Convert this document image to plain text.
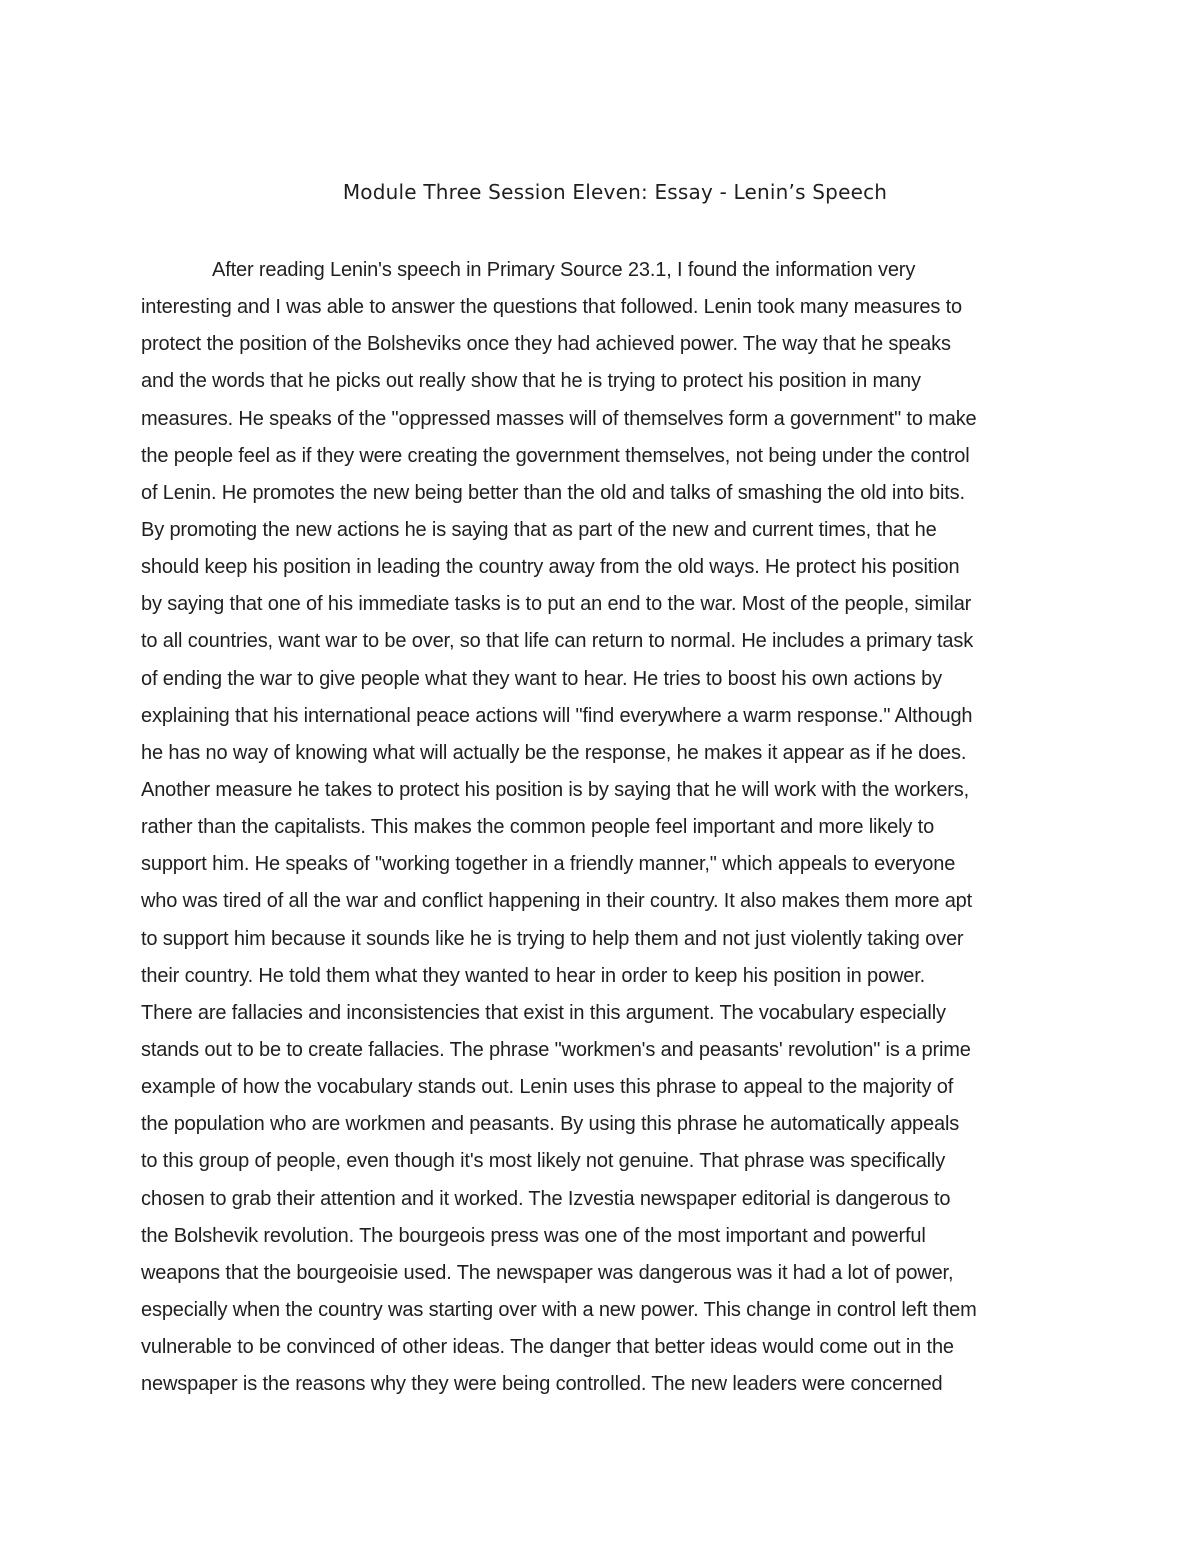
Module Three Session Eleven: Essay - Lenin’s Speech
After reading Lenin's speech in Primary Source 23.1, I found the information very
interesting and I was able to answer the questions that followed. Lenin took many measures to
protect the position of the Bolsheviks once they had achieved power. The way that he speaks
and the words that he picks out really show that he is trying to protect his position in many
measures. He speaks of the "oppressed masses will of themselves form a government" to make
the people feel as if they were creating the government themselves, not being under the control
of Lenin. He promotes the new being better than the old and talks of smashing the old into bits.
By promoting the new actions he is saying that as part of the new and current times, that he
should keep his position in leading the country away from the old ways. He protect his position
by saying that one of his immediate tasks is to put an end to the war. Most of the people, similar
to all countries, want war to be over, so that life can return to normal. He includes a primary task
of ending the war to give people what they want to hear. He tries to boost his own actions by
explaining that his international peace actions will "find everywhere a warm response." Although
he has no way of knowing what will actually be the response, he makes it appear as if he does.
Another measure he takes to protect his position is by saying that he will work with the workers,
rather than the capitalists. This makes the common people feel important and more likely to
support him. He speaks of "working together in a friendly manner," which appeals to everyone
who was tired of all the war and conflict happening in their country. It also makes them more apt
to support him because it sounds like he is trying to help them and not just violently taking over
their country. He told them what they wanted to hear in order to keep his position in power.
There are fallacies and inconsistencies that exist in this argument. The vocabulary especially
stands out to be to create fallacies. The phrase "workmen's and peasants' revolution" is a prime
example of how the vocabulary stands out. Lenin uses this phrase to appeal to the majority of
the population who are workmen and peasants. By using this phrase he automatically appeals
to this group of people, even though it's most likely not genuine. That phrase was specifically
chosen to grab their attention and it worked. The Izvestia newspaper editorial is dangerous to
the Bolshevik revolution. The bourgeois press was one of the most important and powerful
weapons that the bourgeoisie used. The newspaper was dangerous was it had a lot of power,
especially when the country was starting over with a new power. This change in control left them
vulnerable to be convinced of other ideas. The danger that better ideas would come out in the
newspaper is the reasons why they were being controlled. The new leaders were concerned
